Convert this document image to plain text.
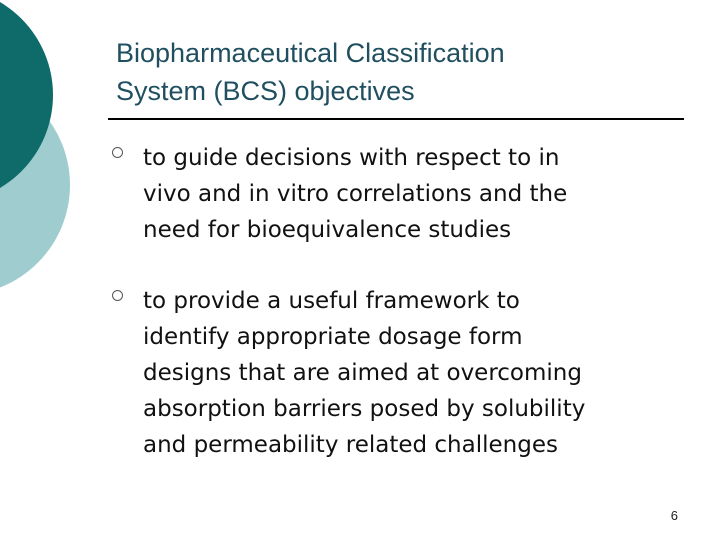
Biopharmaceutical Classification
System (BCS) objectives
to guide decisions with respect to in
vivo and in vitro correlations and the
need for bioequivalence studies
to provide a useful framework to
identify appropriate dosage form
designs that are aimed at overcoming
absorption barriers posed by solubility
and permeability related challenges
6
